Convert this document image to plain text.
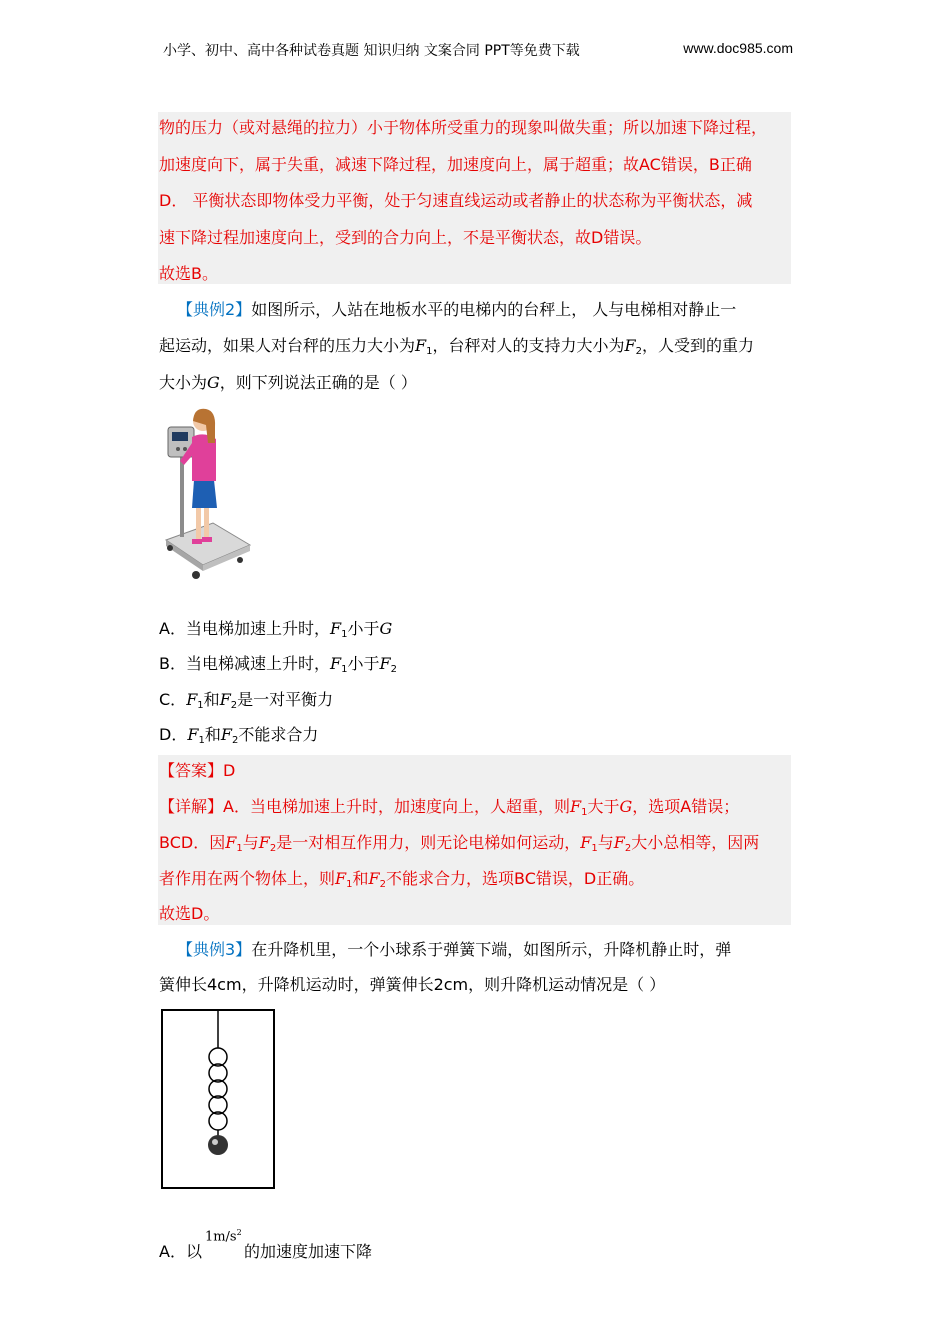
小学、初中、高中各种试卷真题 知识归纳 文案合同 PPT等免费下载	www.doc985.com
物的压力（或对悬绳的拉力）小于物体所受重力的现象叫做失重；所以加速下降过程，
加速度向下，属于失重，减速下降过程，加速度向上，属于超重；故AC错误，B正确
D． 平衡状态即物体受力平衡，处于匀速直线运动或者静止的状态称为平衡状态，减
速下降过程加速度向上，受到的合力向上，不是平衡状态，故D错误。
故选B。
【典例2】如图所示，人站在地板水平的电梯内的台秤上， 人与电梯相对静止一
起运动，如果人对台秤的压力大小为$F_1$，台秤对人的支持力大小为$F_2$，人受到的重力
大小为G，则下列说法正确的是（ ）
A．当电梯加速上升时，$F_1$小于G
B．当电梯减速上升时，$F_1$小于$F_2$
C．$F_1$和$F_2$是一对平衡力
D．$F_1$和$F_2$不能求合力
【答案】D
【详解】A．当电梯加速上升时，加速度向上，人超重，则$F_1$大于G，选项A错误；
BCD．因$F_1$与$F_2$是一对相互作用力，则无论电梯如何运动，$F_1$与$F_2$大小总相等，因两
者作用在两个物体上，则$F_1$和$F_2$不能求合力，选项BC错误，D正确。
故选D。
【典例3】在升降机里，一个小球系于弹簧下端，如图所示，升降机静止时，弹
簧伸长4cm，升降机运动时，弹簧伸长2cm，则升降机运动情况是（ ）
A．以
$1m/s^2$
的加速度加速下降
